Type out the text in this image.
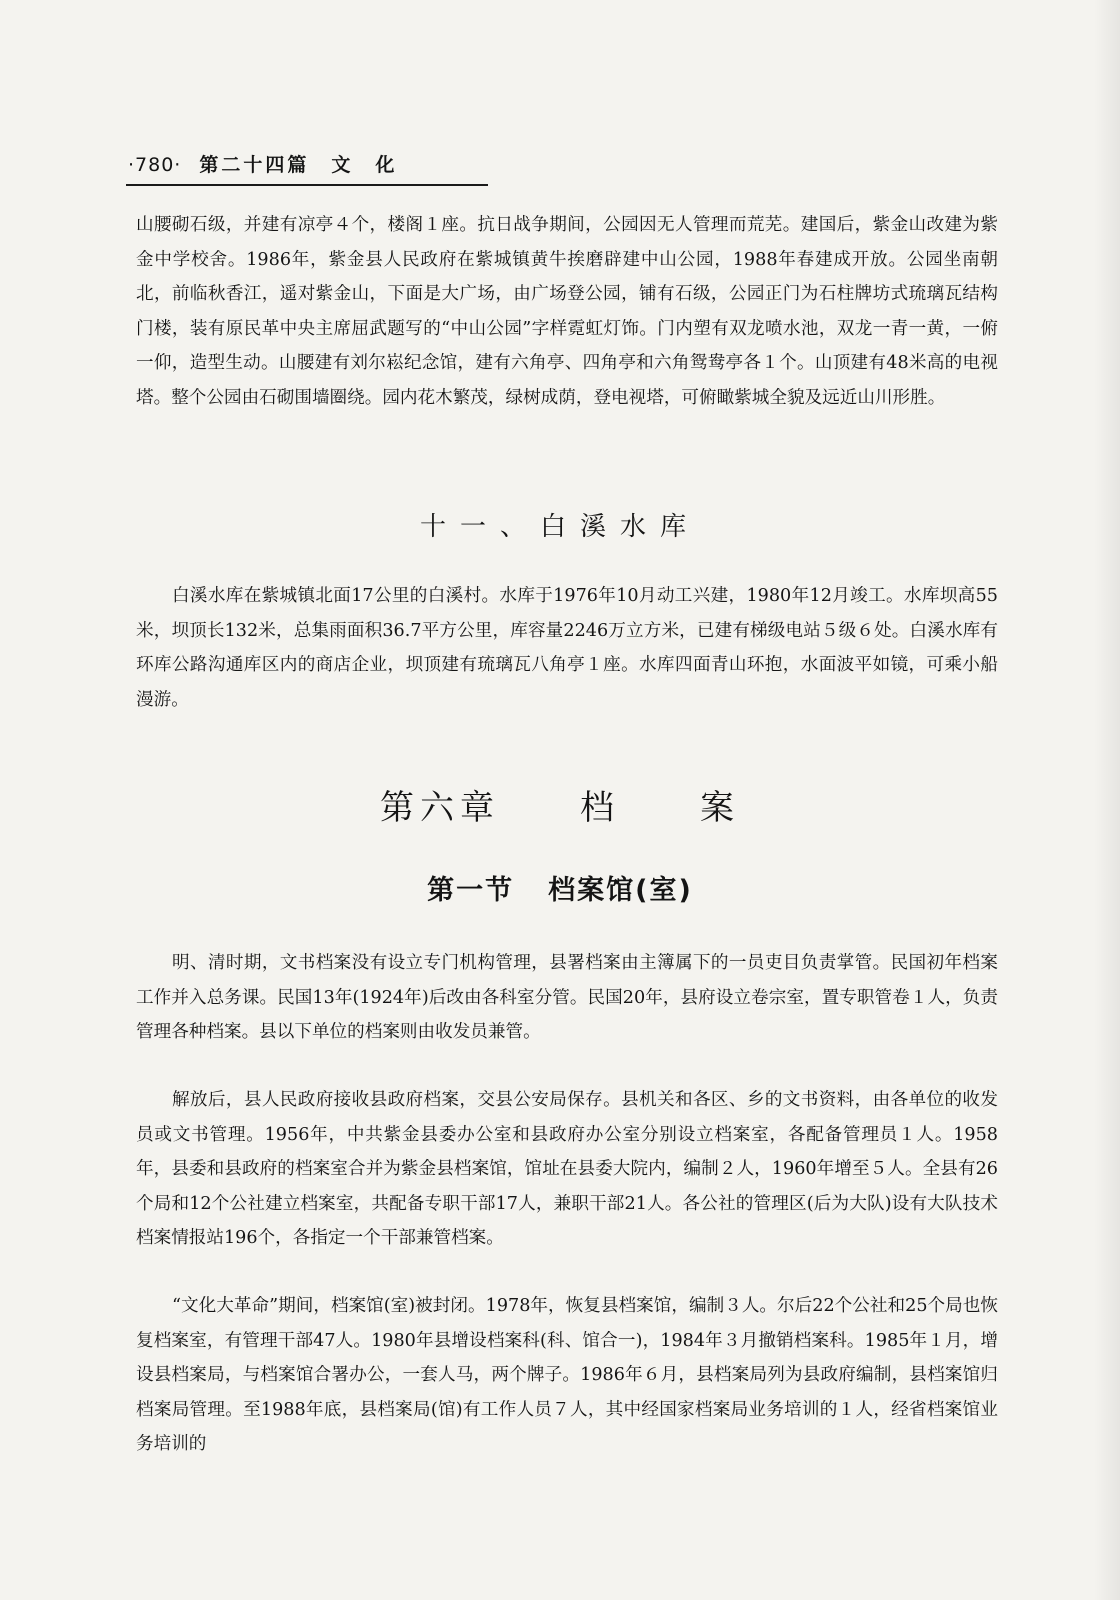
·780· 第二十四篇　文　化

山腰砌石级，并建有凉亭４个，楼阁１座。抗日战争期间，公园因无人管理而荒芜。建国后，紫金山改建为紫金中学校舍。1986年，紫金县人民政府在紫城镇黄牛挨磨辟建中山公园，1988年春建成开放。公园坐南朝北，前临秋香江，遥对紫金山，下面是大广场，由广场登公园，铺有石级，公园正门为石柱牌坊式琉璃瓦结构门楼，装有原民革中央主席屈武题写的“中山公园”字样霓虹灯饰。门内塑有双龙喷水池，双龙一青一黄，一俯一仰，造型生动。山腰建有刘尔崧纪念馆，建有六角亭、四角亭和六角鸳鸯亭各１个。山顶建有48米高的电视塔。整个公园由石砌围墙圈绕。园内花木繁茂，绿树成荫，登电视塔，可俯瞰紫城全貌及远近山川形胜。

十一、白溪水库

白溪水库在紫城镇北面17公里的白溪村。水库于1976年10月动工兴建，1980年12月竣工。水库坝高55米，坝顶长132米，总集雨面积36.7平方公里，库容量2246万立方米，已建有梯级电站５级６处。白溪水库有环库公路沟通库区内的商店企业，坝顶建有琉璃瓦八角亭１座。水库四面青山环抱，水面波平如镜，可乘小船漫游。

第六章 档 案
第一节 档案馆(室)

明、清时期，文书档案没有设立专门机构管理，县署档案由主簿属下的一员吏目负责掌管。民国初年档案工作并入总务课。民国13年(1924年)后改由各科室分管。民国20年，县府设立卷宗室，置专职管卷１人，负责管理各种档案。县以下单位的档案则由收发员兼管。

解放后，县人民政府接收县政府档案，交县公安局保存。县机关和各区、乡的文书资料，由各单位的收发员或文书管理。1956年，中共紫金县委办公室和县政府办公室分别设立档案室，各配备管理员１人。1958年，县委和县政府的档案室合并为紫金县档案馆，馆址在县委大院内，编制２人，1960年增至５人。全县有26个局和12个公社建立档案室，共配备专职干部17人，兼职干部21人。各公社的管理区(后为大队)设有大队技术档案情报站196个，各指定一个干部兼管档案。

“文化大革命”期间，档案馆(室)被封闭。1978年，恢复县档案馆，编制３人。尔后22个公社和25个局也恢复档案室，有管理干部47人。1980年县增设档案科(科、馆合一)，1984年３月撤销档案科。1985年１月，增设县档案局，与档案馆合署办公，一套人马，两个牌子。1986年６月，县档案局列为县政府编制，县档案馆归档案局管理。至1988年底，县档案局(馆)有工作人员７人，其中经国家档案局业务培训的１人，经省档案馆业务培训的
